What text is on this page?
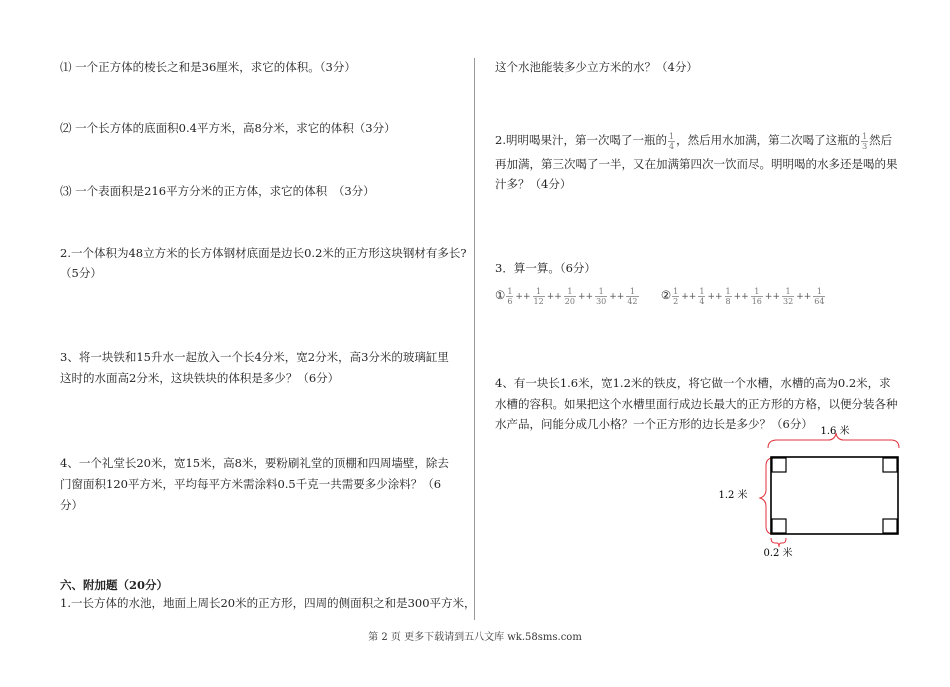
⑴ 一个正方体的棱长之和是36厘米，求它的体积。（3分）
⑵ 一个长方体的底面积0.4平方米，高8分米，求它的体积（3分）
⑶ 一个表面积是216平方分米的正方体，求它的体积　（3分）
2.一个体积为48立方米的长方体钢材底面是边长0.2米的正方形这块钢材有多长?
（5分）
3、将一块铁和15升水一起放入一个长4分米，宽2分米，高3分米的玻璃缸里
这时的水面高2分米，这块铁块的体积是多少？（6分）
4、一个礼堂长20米，宽15米，高8米，要粉刷礼堂的顶棚和四周墙壁，除去
门窗面积120平方米，平均每平方米需涂料0.5千克一共需要多少涂料？（6
分）
六、附加题（20分）
1.一长方体的水池，地面上周长20米的正方形，四周的侧面积之和是300平方米，
这个水池能装多少立方米的水？（4分）
2.明明喝果汁，第一次喝了一瓶的 $\frac{1}{4}$ ，然后用水加满，第二次喝了这瓶的 $\frac{1}{3}$ 然后
再加满，第三次喝了一半，又在加满第四次一饮而尽。明明喝的水多还是喝的果
汁多？（4分）
3．算一算。（6分）
① $\frac{1}{6} ++ \frac{1}{12} ++ \frac{1}{20} ++ \frac{1}{30} ++ \frac{1}{42}$ ② $\frac{1}{2} ++ \frac{1}{4} ++ \frac{1}{8} ++ \frac{1}{16} ++ \frac{1}{32} ++ \frac{1}{64}$
4、有一块长1.6米，宽1.2米的铁皮，将它做一个水槽，水槽的高为0.2米，求
水槽的容积。如果把这个水槽里面行成边长最大的正方形的方格，以便分装各种
水产品，问能分成几小格？一个正方形的边长是多少？（6分）
1.6 米
1.2 米
0.2 米
第 2 页 更多下载请到五八文库 wk.58sms.com
